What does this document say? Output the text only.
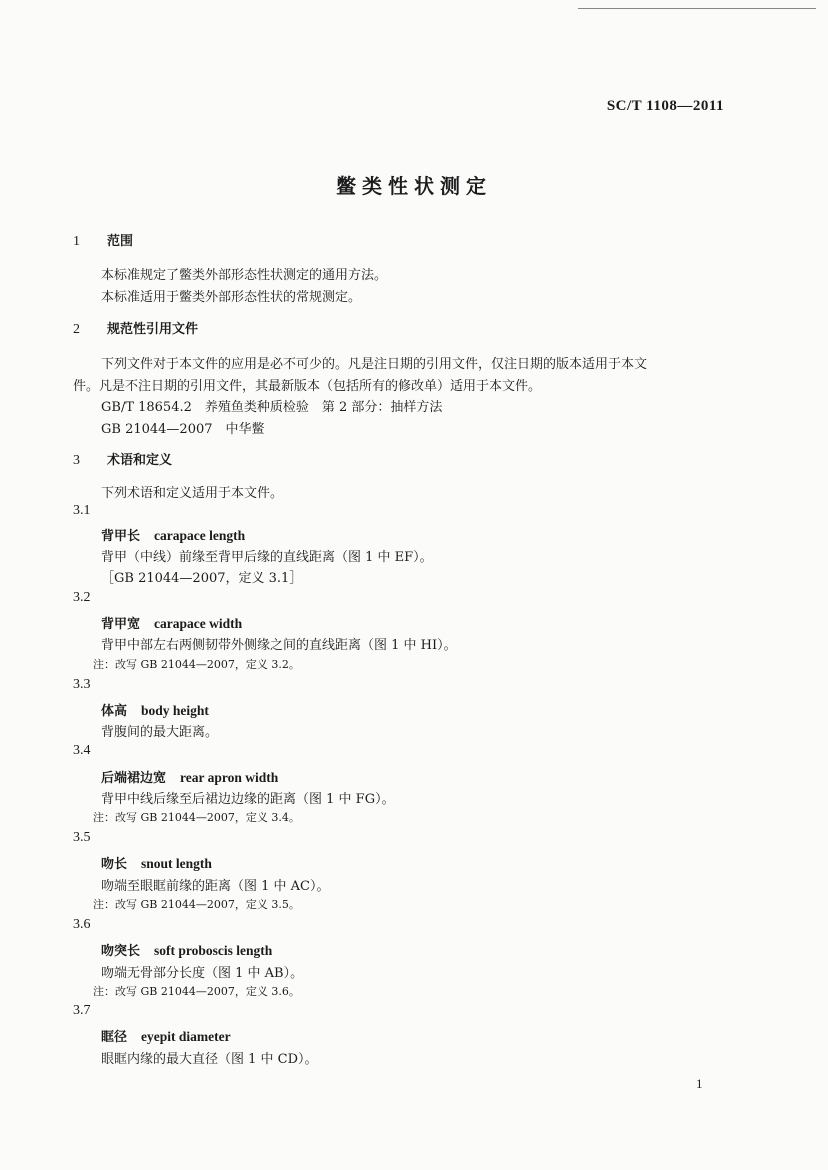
SC/T 1108—2011
鳖类性状测定
1 范围
本标准规定了鳖类外部形态性状测定的通用方法。
本标准适用于鳖类外部形态性状的常规测定。
2 规范性引用文件
下列文件对于本文件的应用是必不可少的。凡是注日期的引用文件，仅注日期的版本适用于本文
件。凡是不注日期的引用文件，其最新版本（包括所有的修改单）适用于本文件。
GB/T 18654.2　养殖鱼类种质检验　第 2 部分：抽样方法
GB 21044—2007　中华鳖
3 术语和定义
下列术语和定义适用于本文件。
3.1
背甲长 carapace length
背甲（中线）前缘至背甲后缘的直线距离（图 1 中 EF）。
［GB 21044—2007，定义 3.1］
3.2
背甲宽 carapace width
背甲中部左右两侧韧带外侧缘之间的直线距离（图 1 中 HI）。
注：改写 GB 21044—2007，定义 3.2。
3.3
体高 body height
背腹间的最大距离。
3.4
后端裙边宽 rear apron width
背甲中线后缘至后裙边边缘的距离（图 1 中 FG）。
注：改写 GB 21044—2007，定义 3.4。
3.5
吻长 snout length
吻端至眼眶前缘的距离（图 1 中 AC）。
注：改写 GB 21044—2007，定义 3.5。
3.6
吻突长 soft proboscis length
吻端无骨部分长度（图 1 中 AB）。
注：改写 GB 21044—2007，定义 3.6。
3.7
眶径 eyepit diameter
眼眶内缘的最大直径（图 1 中 CD）。
1
